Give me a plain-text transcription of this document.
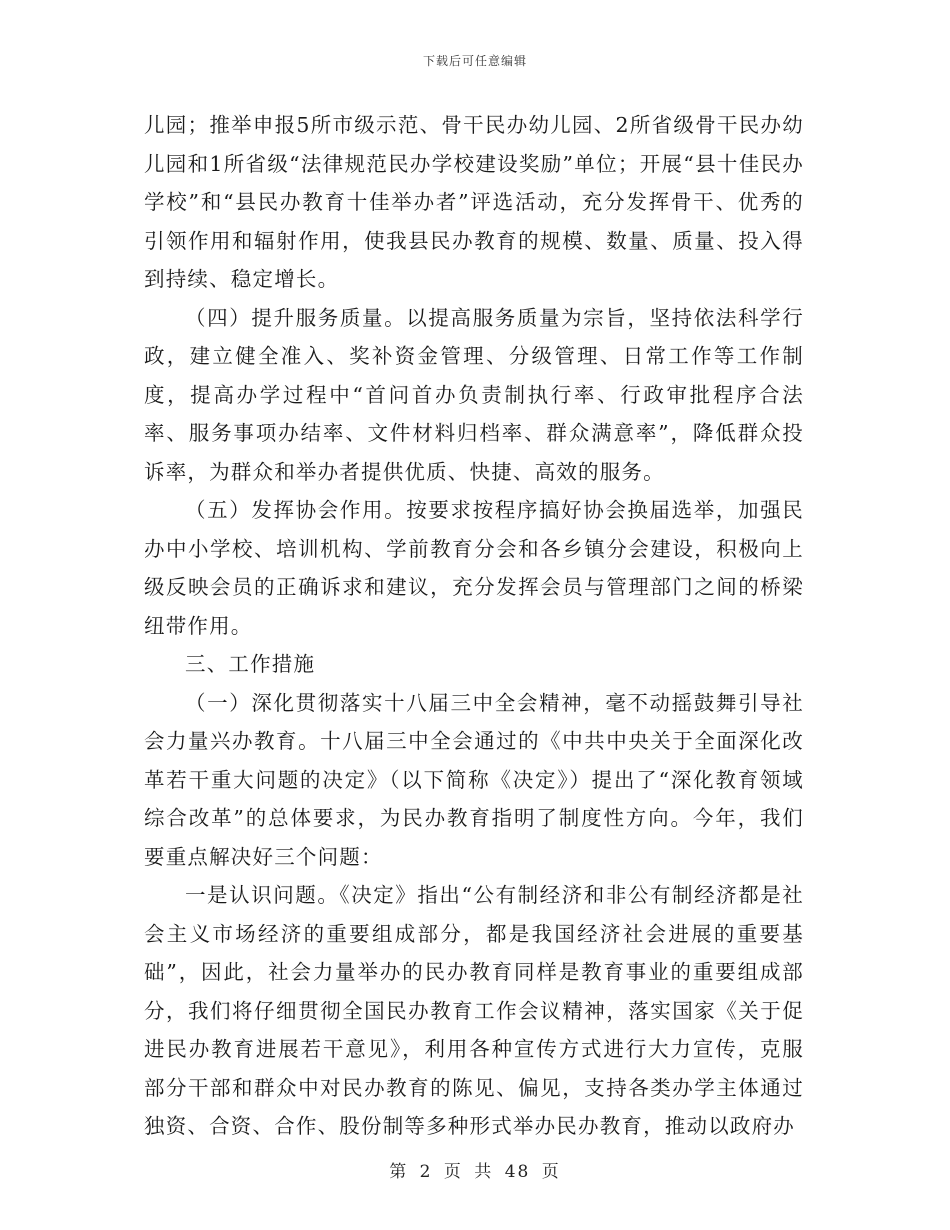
下载后可任意编辑

儿园；推举申报5所市级示范、骨干民办幼儿园、2所省级骨干民办幼儿园和1所省级“法律规范民办学校建设奖励”单位；开展“县十佳民办学校”和“县民办教育十佳举办者”评选活动，充分发挥骨干、优秀的引领作用和辐射作用，使我县民办教育的规模、数量、质量、投入得到持续、稳定增长。

（四）提升服务质量。以提高服务质量为宗旨，坚持依法科学行政，建立健全准入、奖补资金管理、分级管理、日常工作等工作制度，提高办学过程中“首问首办负责制执行率、行政审批程序合法率、服务事项办结率、文件材料归档率、群众满意率”，降低群众投诉率，为群众和举办者提供优质、快捷、高效的服务。

（五）发挥协会作用。按要求按程序搞好协会换届选举，加强民办中小学校、培训机构、学前教育分会和各乡镇分会建设，积极向上级反映会员的正确诉求和建议，充分发挥会员与管理部门之间的桥梁纽带作用。

三、工作措施

（一）深化贯彻落实十八届三中全会精神，毫不动摇鼓舞引导社会力量兴办教育。十八届三中全会通过的《中共中央关于全面深化改革若干重大问题的决定》（以下简称《决定》）提出了“深化教育领域综合改革”的总体要求，为民办教育指明了制度性方向。今年，我们要重点解决好三个问题：

一是认识问题。《决定》指出“公有制经济和非公有制经济都是社会主义市场经济的重要组成部分，都是我国经济社会进展的重要基础”，因此，社会力量举办的民办教育同样是教育事业的重要组成部分，我们将仔细贯彻全国民办教育工作会议精神，落实国家《关于促进民办教育进展若干意见》，利用各种宣传方式进行大力宣传，克服部分干部和群众中对民办教育的陈见、偏见，支持各类办学主体通过独资、合资、合作、股份制等多种形式举办民办教育，推动以政府办

第 2 页 共 48 页
